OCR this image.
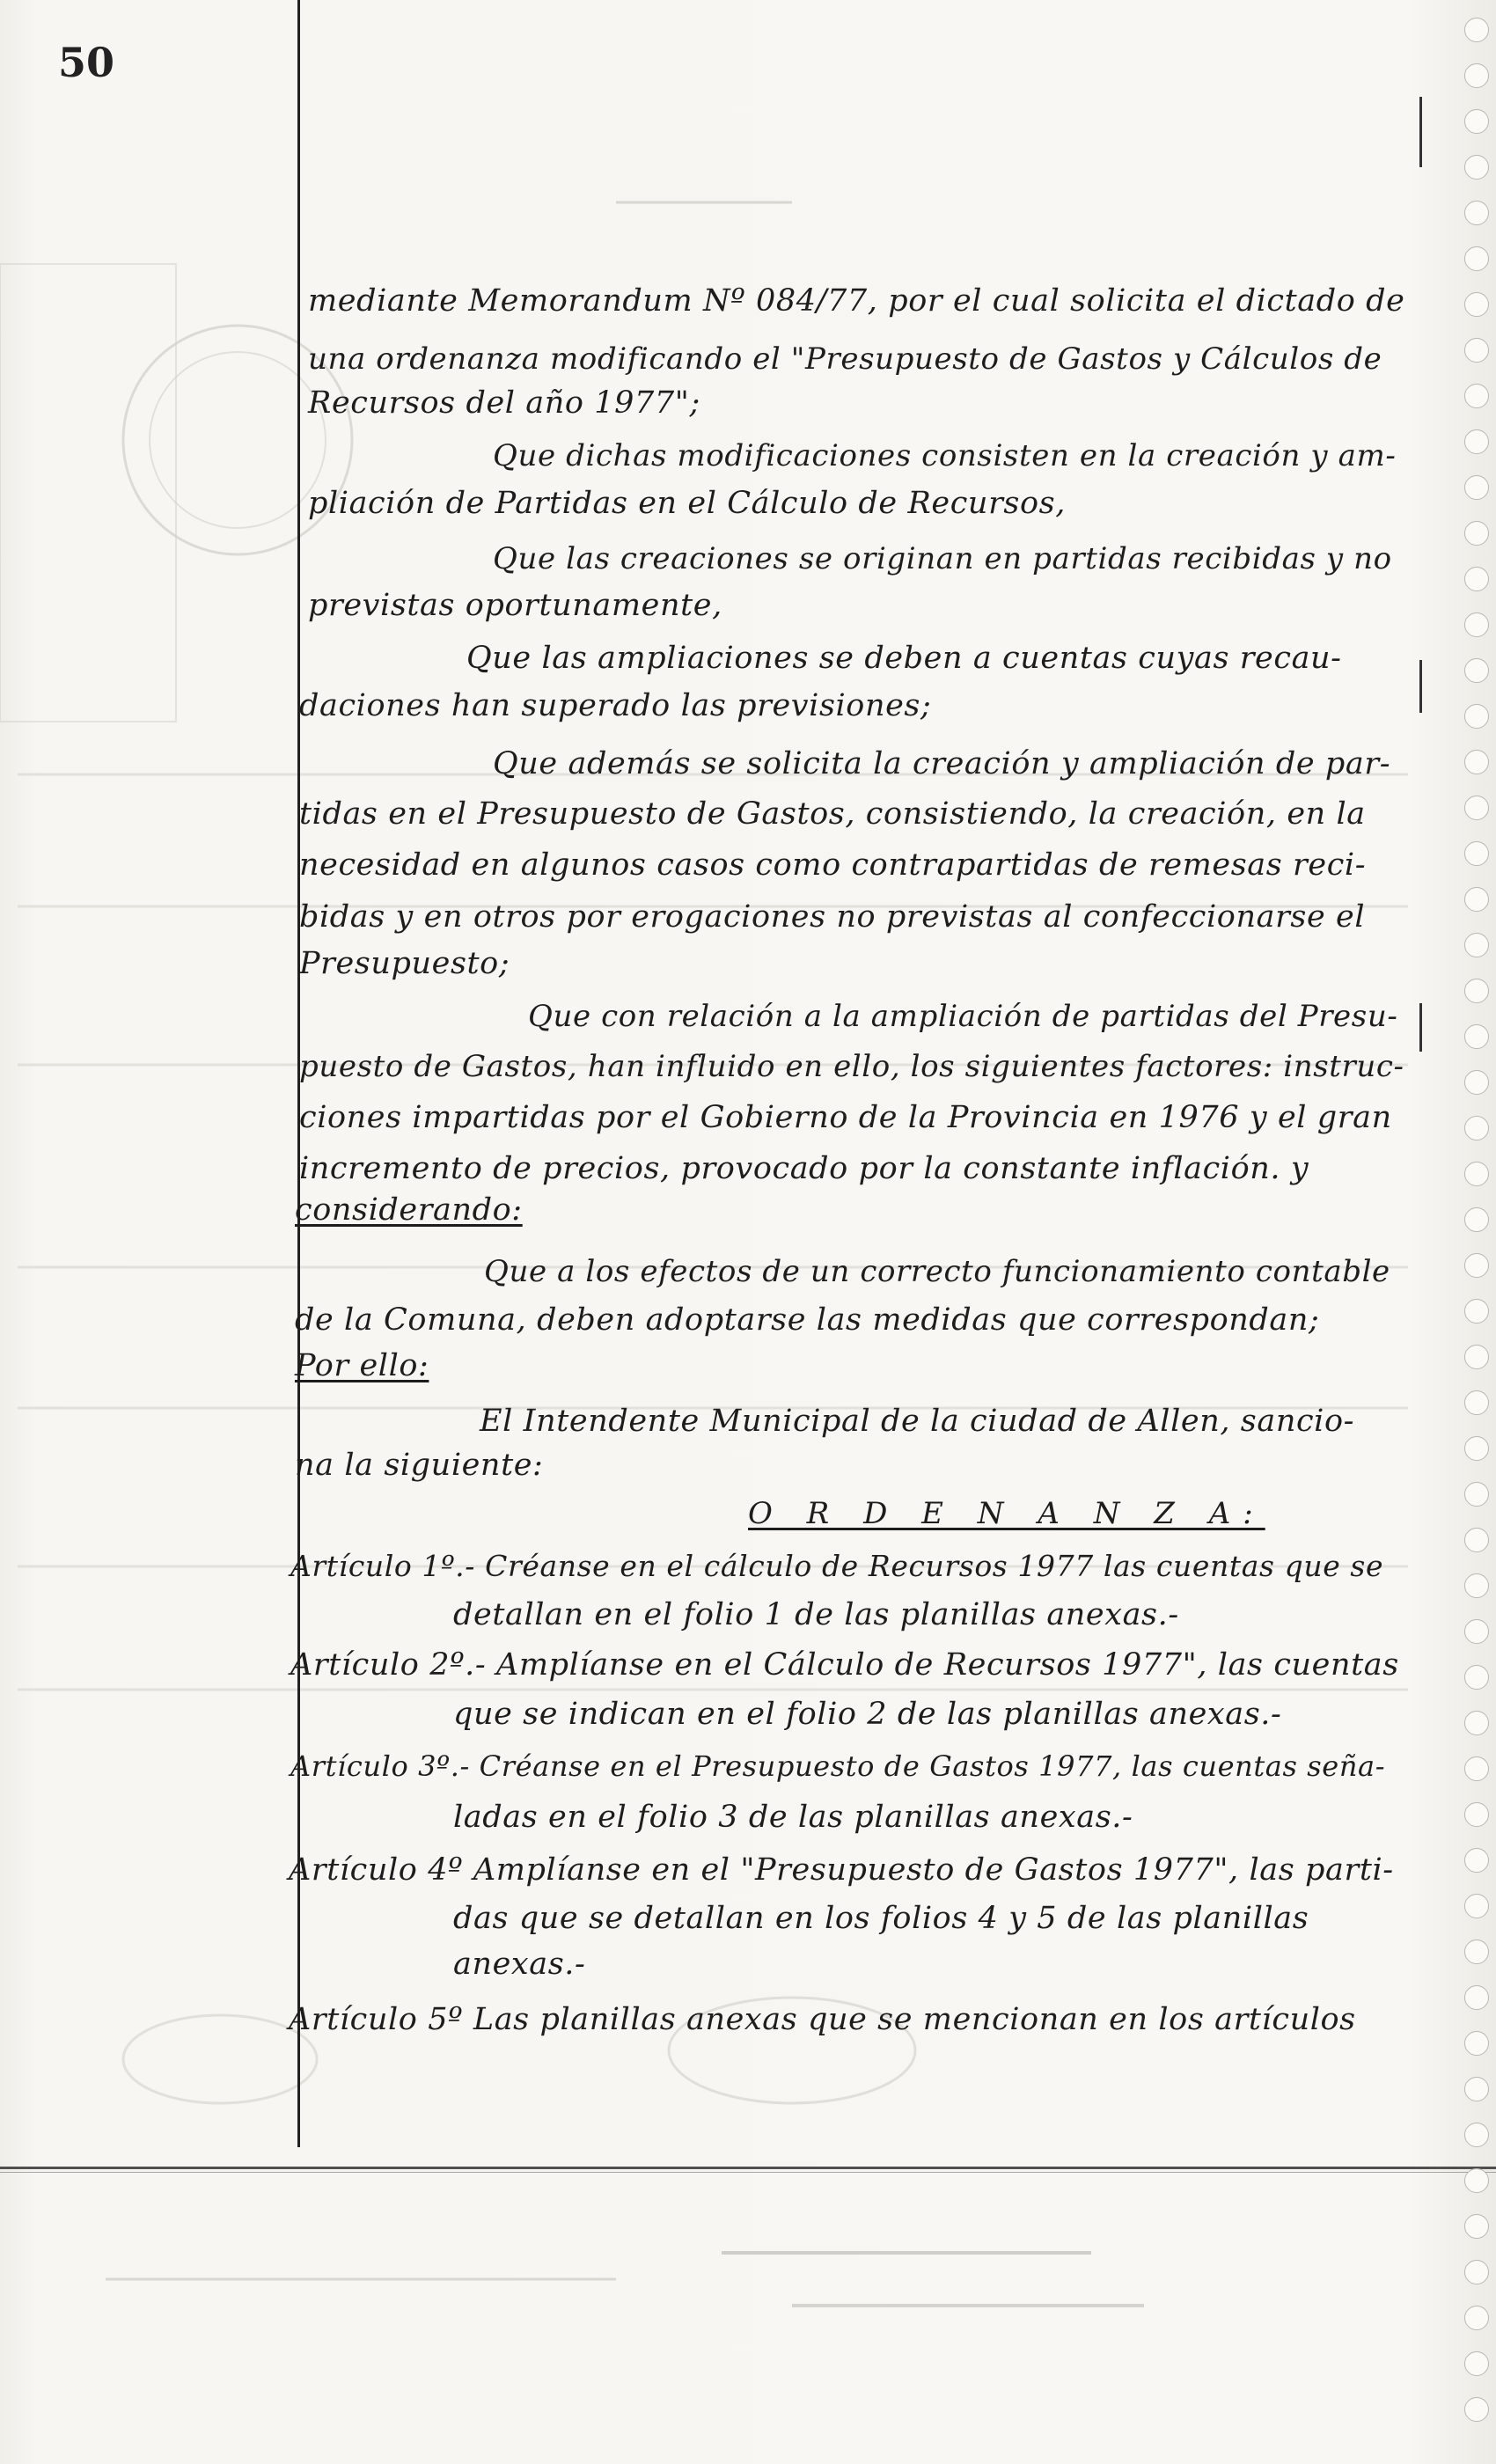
50
mediante Memorandum Nº 084/77, por el cual solicita el dictado de
una ordenanza modificando el "Presupuesto de Gastos y Cálculos de
Recursos del año 1977";
Que dichas modificaciones consisten en la creación y am-
pliación de Partidas en el Cálculo de Recursos,
Que las creaciones se originan en partidas recibidas y no
previstas oportunamente,
Que las ampliaciones se deben a cuentas cuyas recau-
daciones han superado las previsiones;
Que además se solicita la creación y ampliación de par-
tidas en el Presupuesto de Gastos, consistiendo, la creación, en la
necesidad en algunos casos como contrapartidas de remesas reci-
bidas y en otros por erogaciones no previstas al confeccionarse el
Presupuesto;
Que con relación a la ampliación de partidas del Presu-
puesto de Gastos, han influido en ello, los siguientes factores: instruc-
ciones impartidas por el Gobierno de la Provincia en 1976 y el gran
incremento de precios, provocado por la constante inflación. y
considerando:
Que a los efectos de un correcto funcionamiento contable
de la Comuna, deben adoptarse las medidas que correspondan;
Por ello:
El Intendente Municipal de la ciudad de Allen, sancio-
na la siguiente:
O R D E N A N Z A:
Artículo 1º.- Créanse en el cálculo de Recursos 1977 las cuentas que se
detallan en el folio 1 de las planillas anexas.-
Artículo 2º.- Amplíanse en el Cálculo de Recursos 1977", las cuentas
que se indican en el folio 2 de las planillas anexas.-
Artículo 3º.- Créanse en el Presupuesto de Gastos 1977, las cuentas seña-
ladas en el folio 3 de las planillas anexas.-
Artículo 4º Amplíanse en el "Presupuesto de Gastos 1977", las parti-
das que se detallan en los folios 4 y 5 de las planillas
anexas.-
Artículo 5º Las planillas anexas que se mencionan en los artículos
